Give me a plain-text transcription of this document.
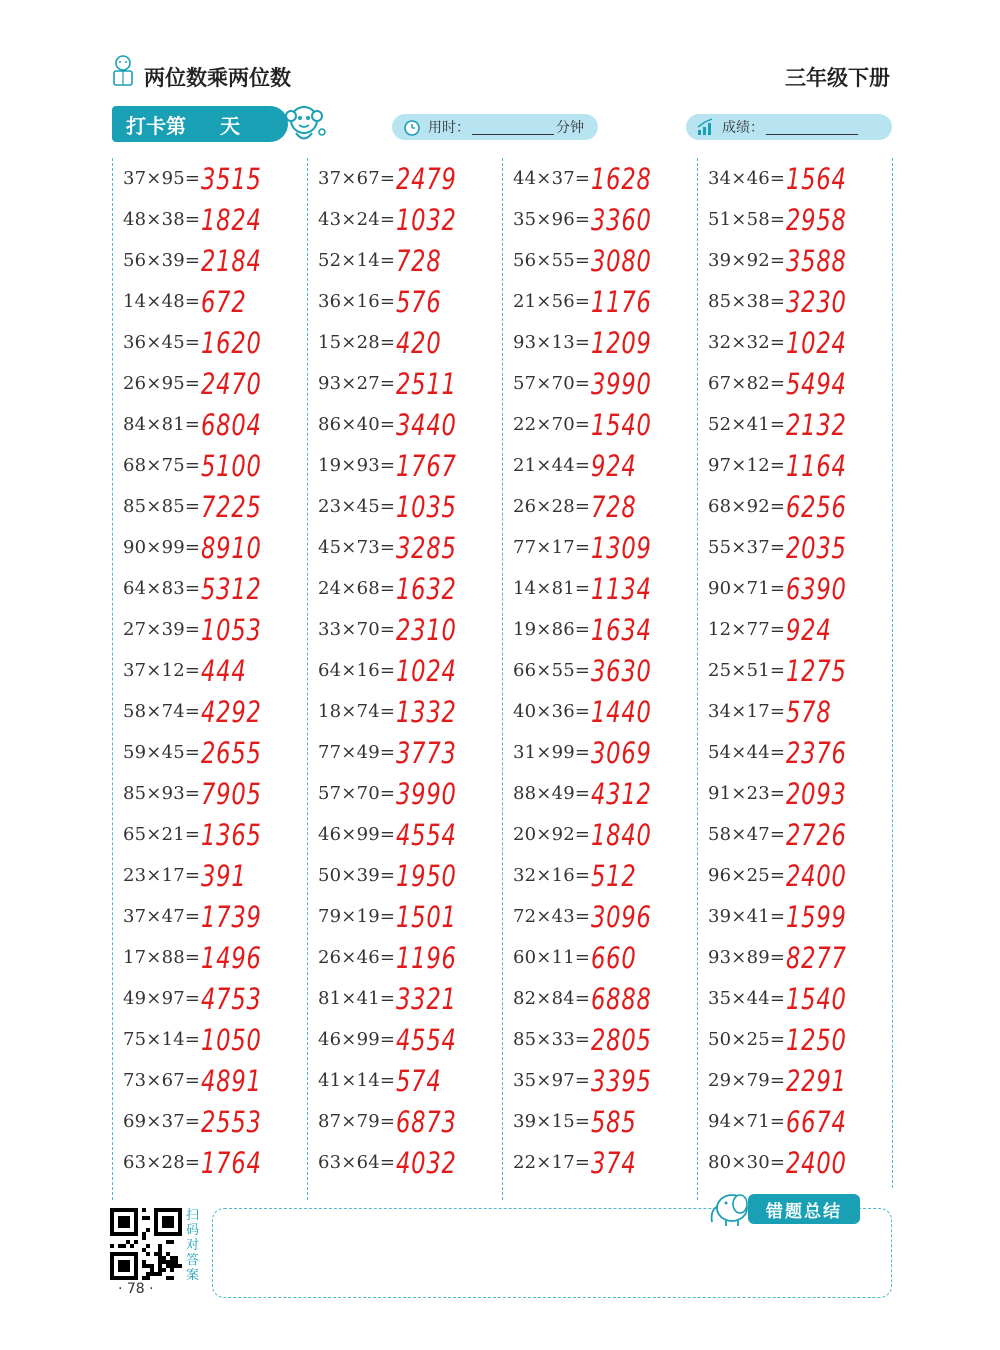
两位数乘两位数	三年级下册
打卡第 天	用时：	分钟	成绩：
37×95= 3515
48×38= 1824
56×39= 2184
14×48= 672
36×45= 1620
26×95= 2470
84×81= 6804
68×75= 5100
85×85= 7225
90×99= 8910
64×83= 5312
27×39= 1053
37×12= 444
58×74= 4292
59×45= 2655
85×93= 7905
65×21= 1365
23×17= 391
37×47= 1739
17×88= 1496
49×97= 4753
75×14= 1050
73×67= 4891
69×37= 2553
63×28= 1764
37×67= 2479
43×24= 1032
52×14= 728
36×16= 576
15×28= 420
93×27= 2511
86×40= 3440
19×93= 1767
23×45= 1035
45×73= 3285
24×68= 1632
33×70= 2310
64×16= 1024
18×74= 1332
77×49= 3773
57×70= 3990
46×99= 4554
50×39= 1950
79×19= 1501
26×46= 1196
81×41= 3321
46×99= 4554
41×14= 574
87×79= 6873
63×64= 4032
44×37= 1628
35×96= 3360
56×55= 3080
21×56= 1176
93×13= 1209
57×70= 3990
22×70= 1540
21×44= 924
26×28= 728
77×17= 1309
14×81= 1134
19×86= 1634
66×55= 3630
40×36= 1440
31×99= 3069
88×49= 4312
20×92= 1840
32×16= 512
72×43= 3096
60×11= 660
82×84= 6888
85×33= 2805
35×97= 3395
39×15= 585
22×17= 374
34×46= 1564
51×58= 2958
39×92= 3588
85×38= 3230
32×32= 1024
67×82= 5494
52×41= 2132
97×12= 1164
68×92= 6256
55×37= 2035
90×71= 6390
12×77= 924
25×51= 1275
34×17= 578
54×44= 2376
91×23= 2093
58×47= 2726
96×25= 2400
39×41= 1599
93×89= 8277
35×44= 1540
50×25= 1250
29×79= 2291
94×71= 6674
80×30= 2400
扫码对答案
· 78 ·
错题总结
